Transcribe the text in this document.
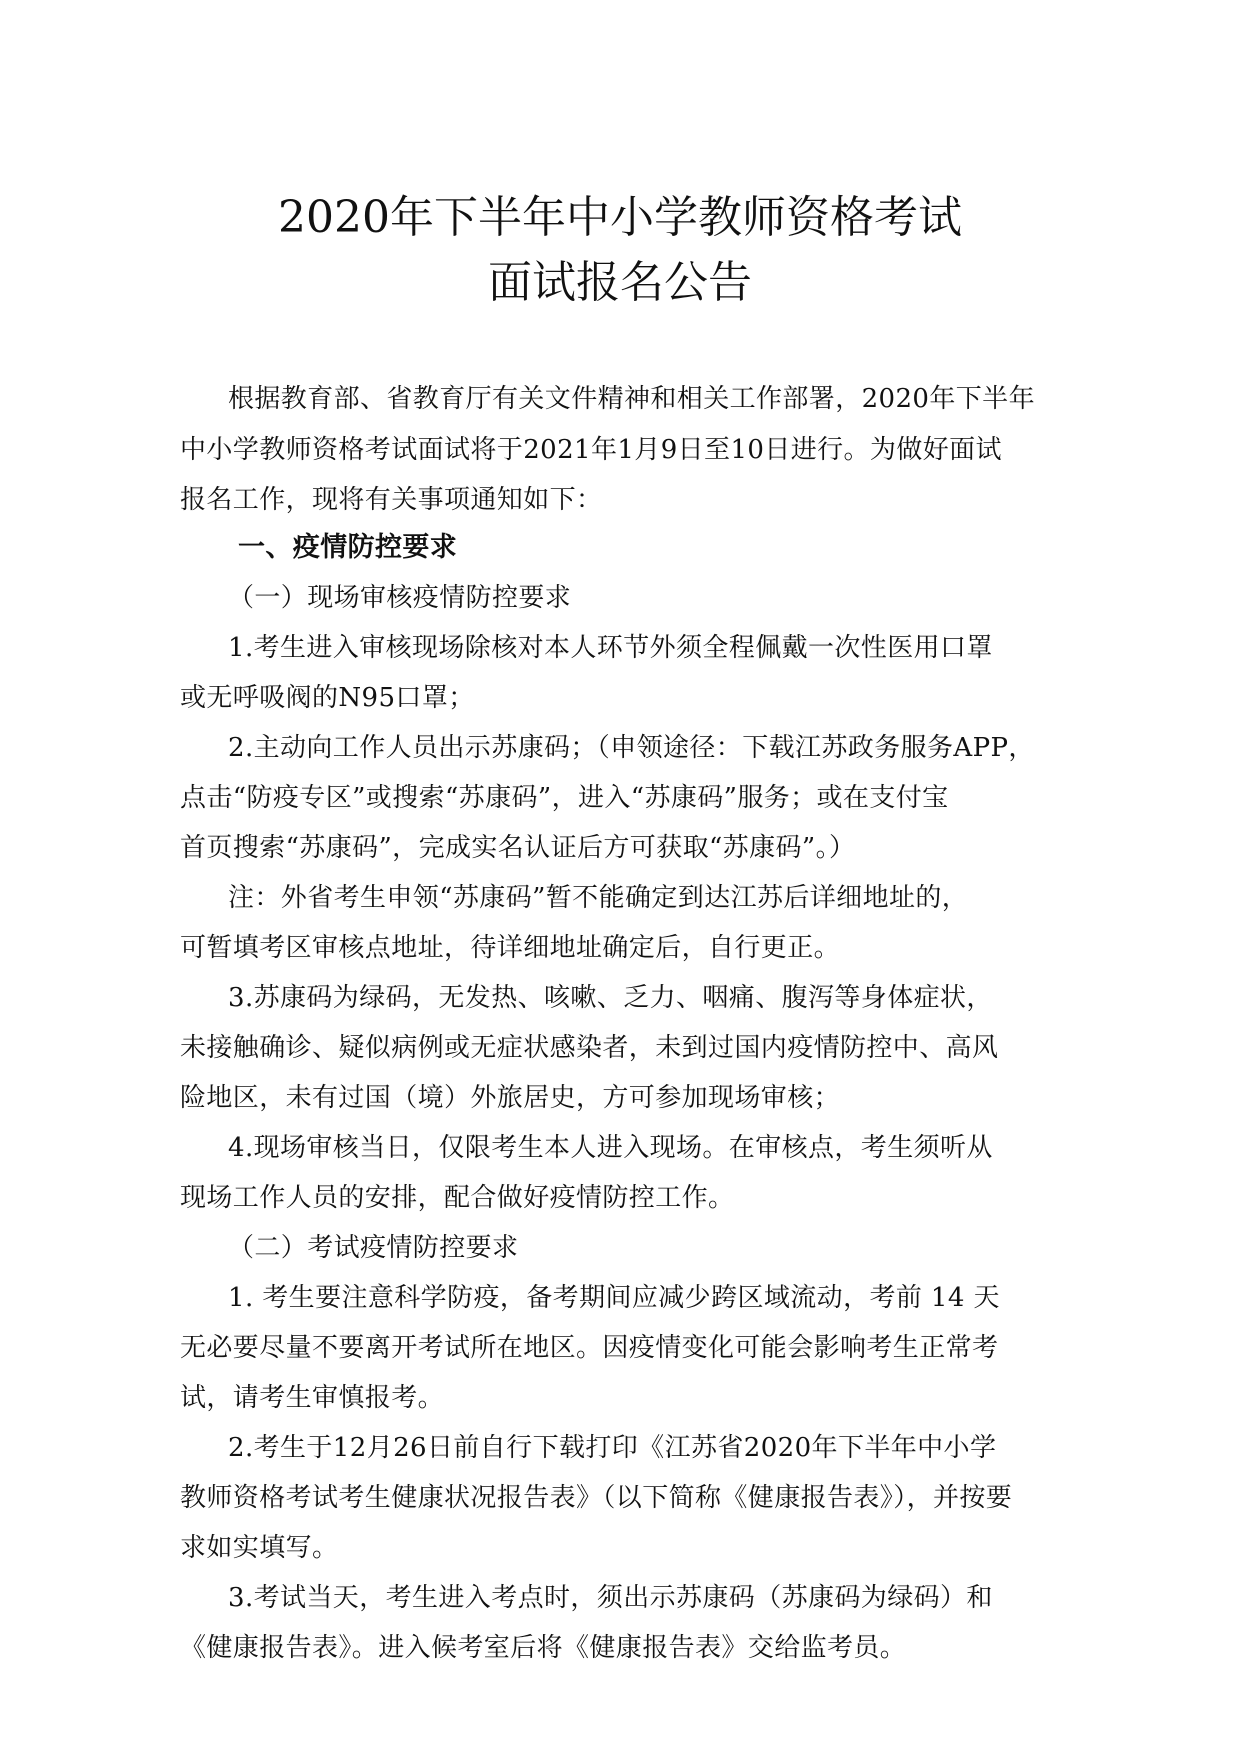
2020年下半年中小学教师资格考试
面试报名公告
根据教育部、省教育厅有关文件精神和相关工作部署，2020年下半年
中小学教师资格考试面试将于2021年1月9日至10日进行。为做好面试
报名工作，现将有关事项通知如下：
一、疫情防控要求
（一）现场审核疫情防控要求
1.考生进入审核现场除核对本人环节外须全程佩戴一次性医用口罩
或无呼吸阀的N95口罩；
2.主动向工作人员出示苏康码；（申领途径：下载江苏政务服务APP，
点击“防疫专区”或搜索“苏康码”，进入“苏康码”服务；或在支付宝
首页搜索“苏康码”，完成实名认证后方可获取“苏康码”。）
注：外省考生申领“苏康码”暂不能确定到达江苏后详细地址的，
可暂填考区审核点地址，待详细地址确定后，自行更正。
3.苏康码为绿码，无发热、咳嗽、乏力、咽痛、腹泻等身体症状，
未接触确诊、疑似病例或无症状感染者，未到过国内疫情防控中、高风
险地区，未有过国（境）外旅居史，方可参加现场审核；
4.现场审核当日，仅限考生本人进入现场。在审核点，考生须听从
现场工作人员的安排，配合做好疫情防控工作。
（二）考试疫情防控要求
1. 考生要注意科学防疫，备考期间应减少跨区域流动，考前 14 天
无必要尽量不要离开考试所在地区。因疫情变化可能会影响考生正常考
试，请考生审慎报考。
2.考生于12月26日前自行下载打印《江苏省2020年下半年中小学
教师资格考试考生健康状况报告表》（以下简称《健康报告表》），并按要
求如实填写。
3.考试当天，考生进入考点时，须出示苏康码（苏康码为绿码）和
《健康报告表》。进入候考室后将《健康报告表》交给监考员。
